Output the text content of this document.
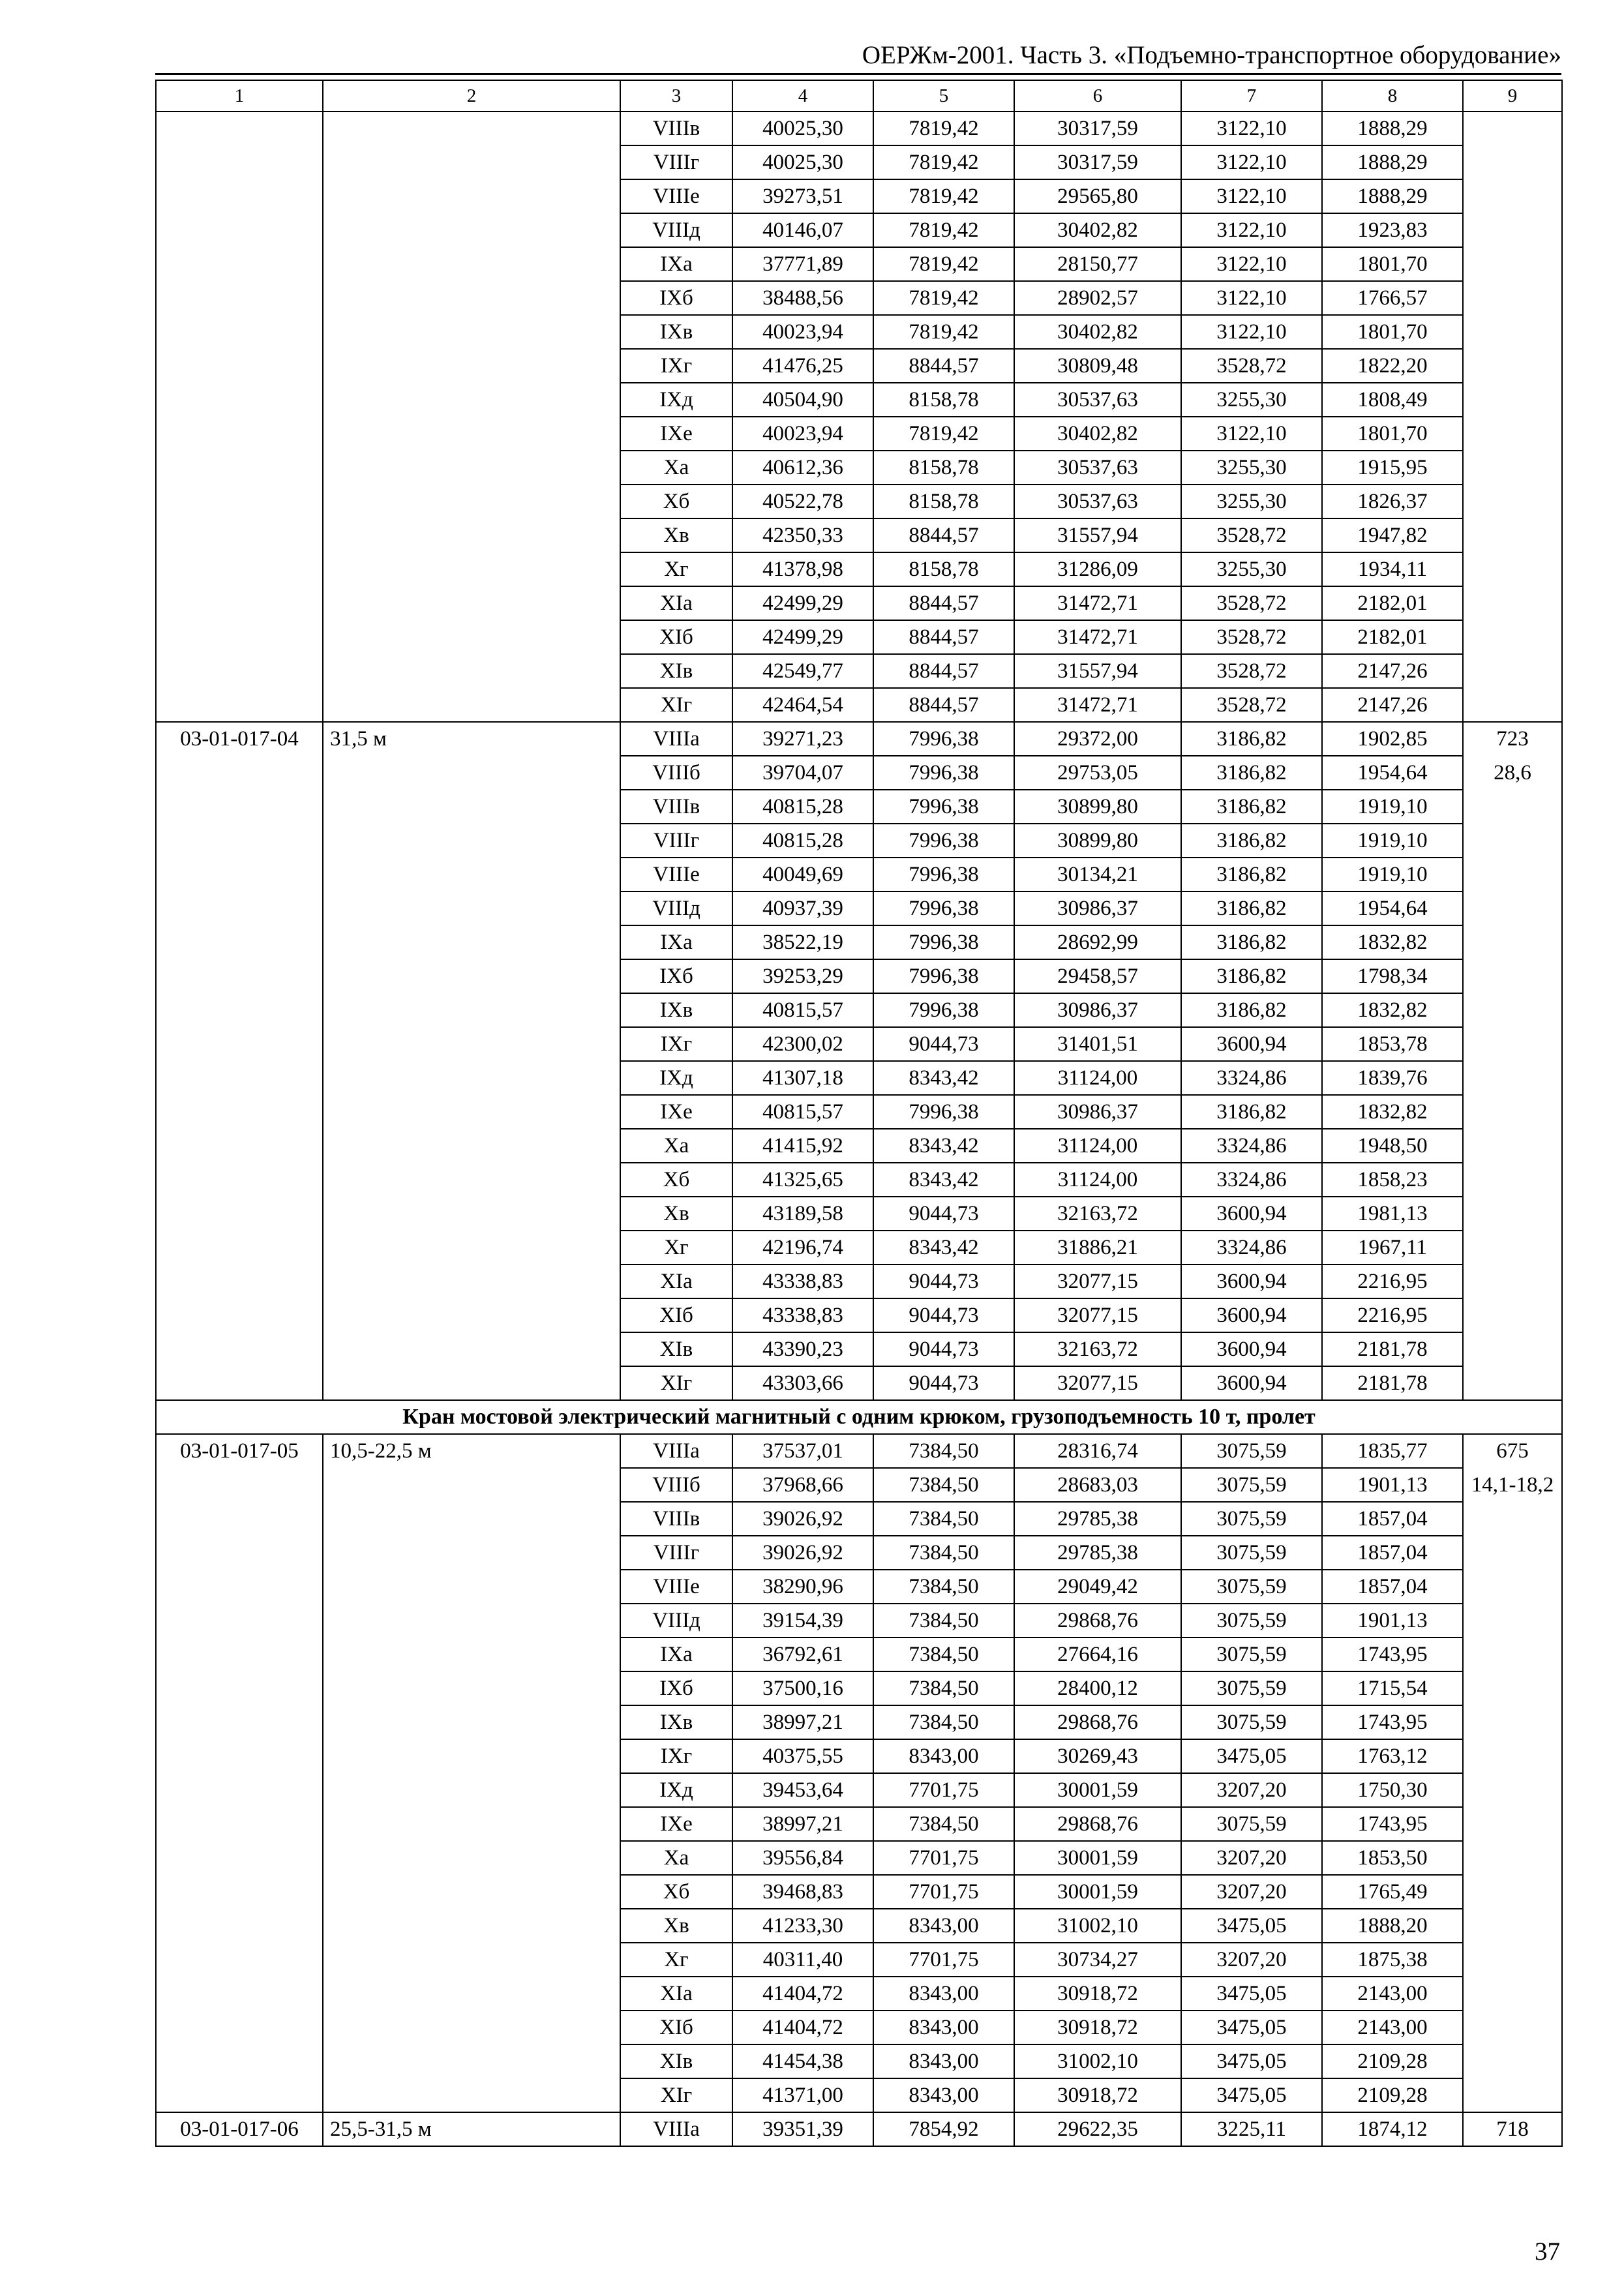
ОЕРЖм-2001. Часть 3. «Подъемно-транспортное оборудование»
1	2	3	4	5	6	7	8	9
		VIIIв	40025,30	7819,42	30317,59	3122,10	1888,29	
		VIIIг	40025,30	7819,42	30317,59	3122,10	1888,29	
		VIIIе	39273,51	7819,42	29565,80	3122,10	1888,29	
		VIIIд	40146,07	7819,42	30402,82	3122,10	1923,83	
		IXа	37771,89	7819,42	28150,77	3122,10	1801,70	
		IXб	38488,56	7819,42	28902,57	3122,10	1766,57	
		IXв	40023,94	7819,42	30402,82	3122,10	1801,70	
		IXг	41476,25	8844,57	30809,48	3528,72	1822,20	
		IXд	40504,90	8158,78	30537,63	3255,30	1808,49	
		IXе	40023,94	7819,42	30402,82	3122,10	1801,70	
		Xа	40612,36	8158,78	30537,63	3255,30	1915,95	
		Xб	40522,78	8158,78	30537,63	3255,30	1826,37	
		Xв	42350,33	8844,57	31557,94	3528,72	1947,82	
		Xг	41378,98	8158,78	31286,09	3255,30	1934,11	
		XIа	42499,29	8844,57	31472,71	3528,72	2182,01	
		XIб	42499,29	8844,57	31472,71	3528,72	2182,01	
		XIв	42549,77	8844,57	31557,94	3528,72	2147,26	
		XIг	42464,54	8844,57	31472,71	3528,72	2147,26	
03-01-017-04	31,5 м	VIIIа	39271,23	7996,38	29372,00	3186,82	1902,85	723
		VIIIб	39704,07	7996,38	29753,05	3186,82	1954,64	28,6
		VIIIв	40815,28	7996,38	30899,80	3186,82	1919,10	
		VIIIг	40815,28	7996,38	30899,80	3186,82	1919,10	
		VIIIе	40049,69	7996,38	30134,21	3186,82	1919,10	
		VIIIд	40937,39	7996,38	30986,37	3186,82	1954,64	
		IXа	38522,19	7996,38	28692,99	3186,82	1832,82	
		IXб	39253,29	7996,38	29458,57	3186,82	1798,34	
		IXв	40815,57	7996,38	30986,37	3186,82	1832,82	
		IXг	42300,02	9044,73	31401,51	3600,94	1853,78	
		IXд	41307,18	8343,42	31124,00	3324,86	1839,76	
		IXе	40815,57	7996,38	30986,37	3186,82	1832,82	
		Xа	41415,92	8343,42	31124,00	3324,86	1948,50	
		Xб	41325,65	8343,42	31124,00	3324,86	1858,23	
		Xв	43189,58	9044,73	32163,72	3600,94	1981,13	
		Xг	42196,74	8343,42	31886,21	3324,86	1967,11	
		XIа	43338,83	9044,73	32077,15	3600,94	2216,95	
		XIб	43338,83	9044,73	32077,15	3600,94	2216,95	
		XIв	43390,23	9044,73	32163,72	3600,94	2181,78	
		XIг	43303,66	9044,73	32077,15	3600,94	2181,78	
Кран мостовой электрический магнитный с одним крюком, грузоподъемность 10 т, пролет								
03-01-017-05	10,5-22,5 м	VIIIа	37537,01	7384,50	28316,74	3075,59	1835,77	675
		VIIIб	37968,66	7384,50	28683,03	3075,59	1901,13	14,1-18,2
		VIIIв	39026,92	7384,50	29785,38	3075,59	1857,04	
		VIIIг	39026,92	7384,50	29785,38	3075,59	1857,04	
		VIIIе	38290,96	7384,50	29049,42	3075,59	1857,04	
		VIIIд	39154,39	7384,50	29868,76	3075,59	1901,13	
		IXа	36792,61	7384,50	27664,16	3075,59	1743,95	
		IXб	37500,16	7384,50	28400,12	3075,59	1715,54	
		IXв	38997,21	7384,50	29868,76	3075,59	1743,95	
		IXг	40375,55	8343,00	30269,43	3475,05	1763,12	
		IXд	39453,64	7701,75	30001,59	3207,20	1750,30	
		IXе	38997,21	7384,50	29868,76	3075,59	1743,95	
		Xа	39556,84	7701,75	30001,59	3207,20	1853,50	
		Xб	39468,83	7701,75	30001,59	3207,20	1765,49	
		Xв	41233,30	8343,00	31002,10	3475,05	1888,20	
		Xг	40311,40	7701,75	30734,27	3207,20	1875,38	
		XIа	41404,72	8343,00	30918,72	3475,05	2143,00	
		XIб	41404,72	8343,00	30918,72	3475,05	2143,00	
		XIв	41454,38	8343,00	31002,10	3475,05	2109,28	
		XIг	41371,00	8343,00	30918,72	3475,05	2109,28	
03-01-017-06	25,5-31,5 м	VIIIа	39351,39	7854,92	29622,35	3225,11	1874,12	718
37
